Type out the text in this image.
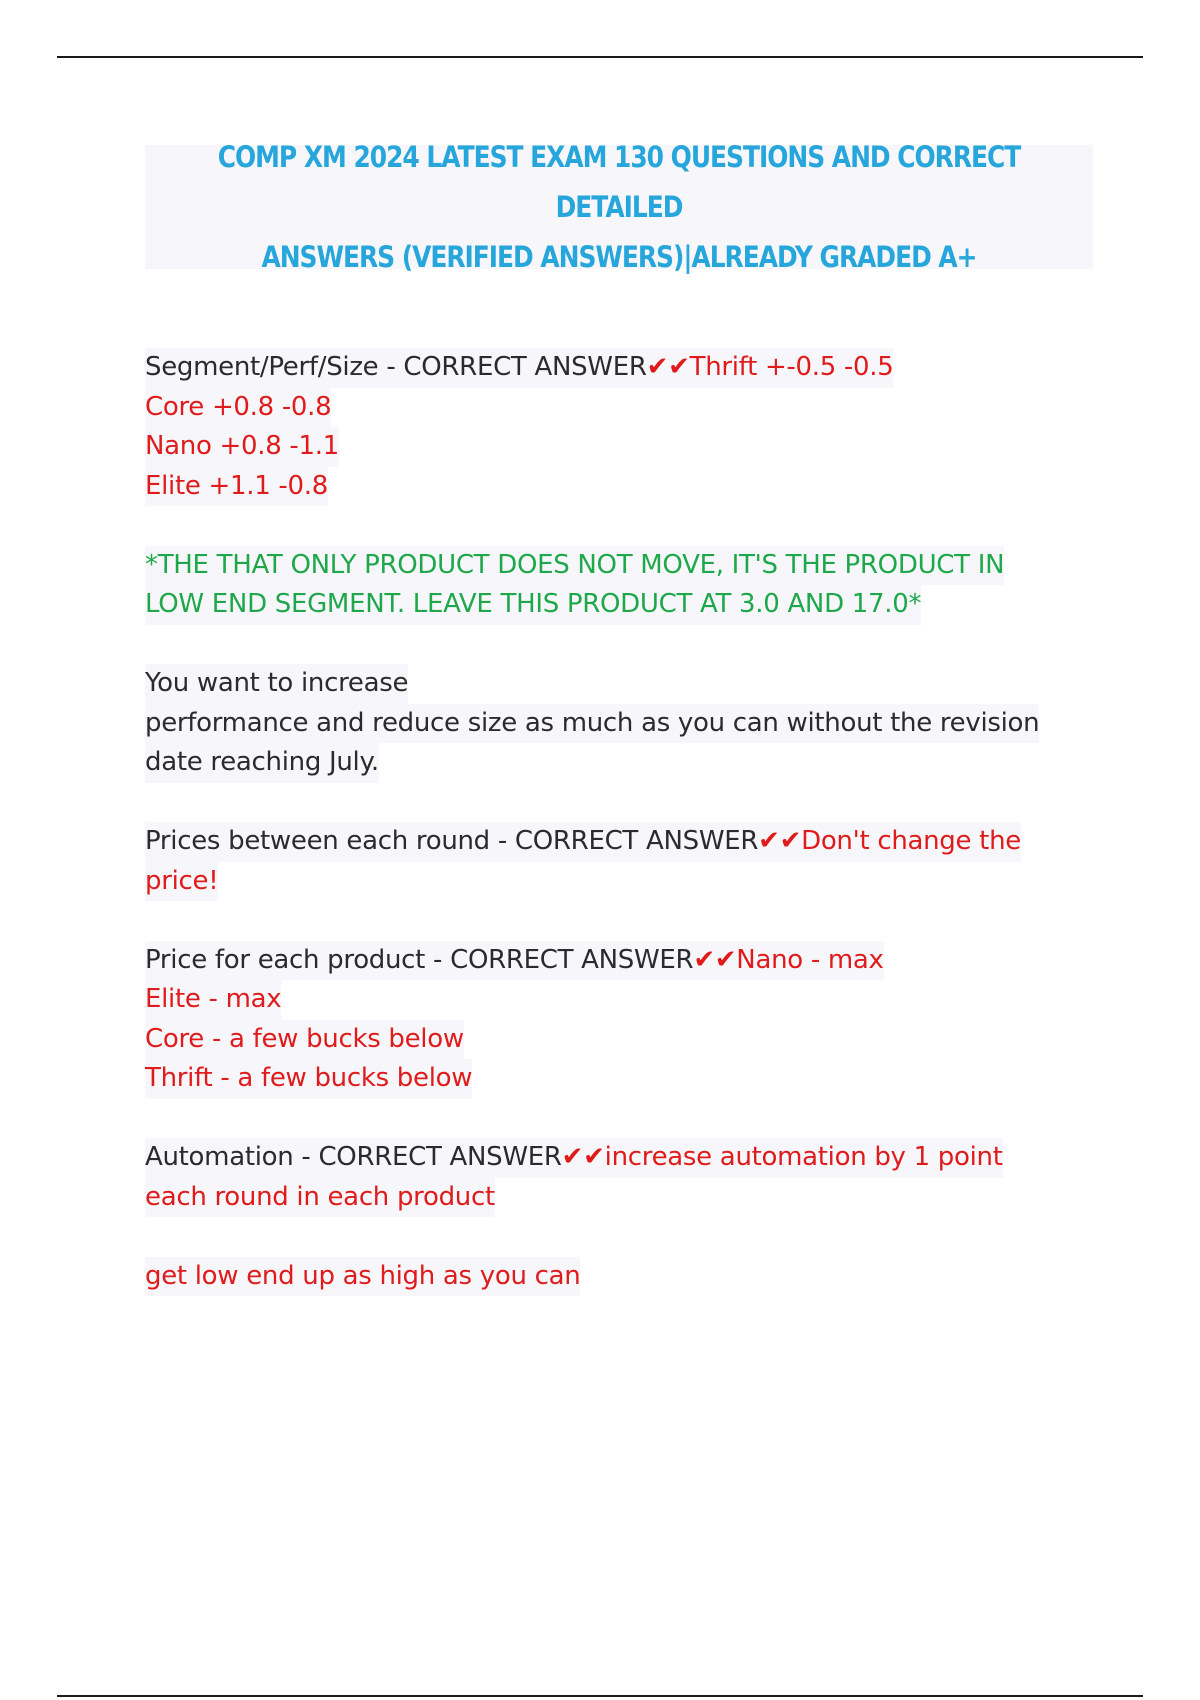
COMP XM 2024 LATEST EXAM 130 QUESTIONS AND CORRECT DETAILED
ANSWERS (VERIFIED ANSWERS)|ALREADY GRADED A+
Segment/Perf/Size - CORRECT ANSWER✔✔Thrift +-0.5 -0.5
Core +0.8 -0.8
Nano +0.8 -1.1
Elite +1.1 -0.8
*THE THAT ONLY PRODUCT DOES NOT MOVE, IT'S THE PRODUCT IN
LOW END SEGMENT. LEAVE THIS PRODUCT AT 3.0 AND 17.0*
You want to increase
performance and reduce size as much as you can without the revision
date reaching July.
Prices between each round - CORRECT ANSWER✔✔Don't change the
price!
Price for each product - CORRECT ANSWER✔✔Nano - max
Elite - max
Core - a few bucks below
Thrift - a few bucks below
Automation - CORRECT ANSWER✔✔increase automation by 1 point
each round in each product
get low end up as high as you can
